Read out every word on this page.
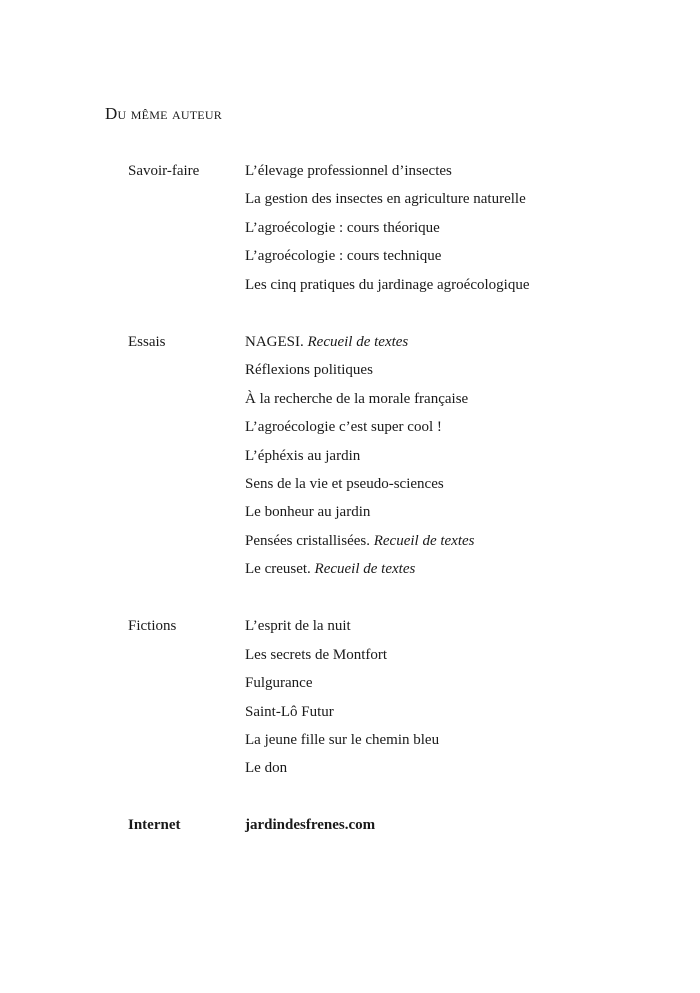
Du même auteur
Savoir-faire	L’élevage professionnel d’insectes
La gestion des insectes en agriculture naturelle
L’agroécologie : cours théorique
L’agroécologie : cours technique
Les cinq pratiques du jardinage agroécologique
Essais	NAGESI. Recueil de textes
Réflexions politiques
À la recherche de la morale française
L’agroécologie c’est super cool !
L’éphéxis au jardin
Sens de la vie et pseudo-sciences
Le bonheur au jardin
Pensées cristallisées. Recueil de textes
Le creuset. Recueil de textes
Fictions	L’esprit de la nuit
Les secrets de Montfort
Fulgurance
Saint-Lô Futur
La jeune fille sur le chemin bleu
Le don
Internet	jardindesfrenes.com
